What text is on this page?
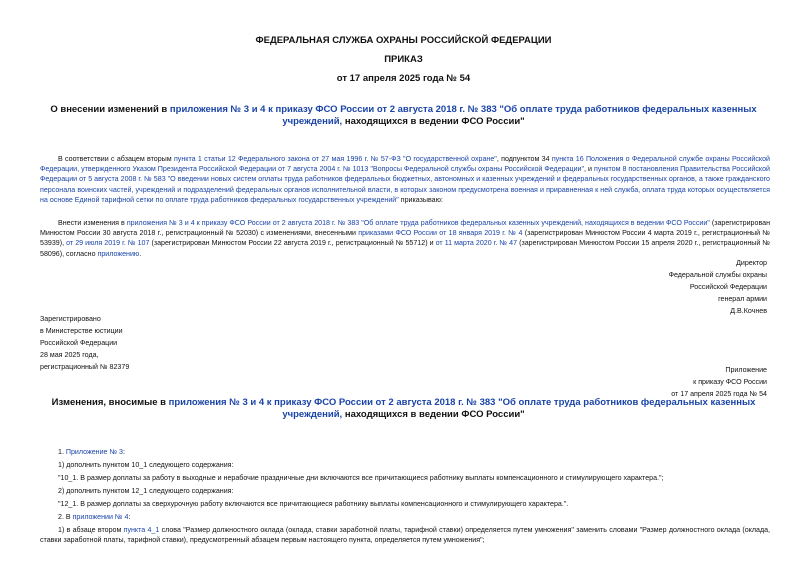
ФЕДЕРАЛЬНАЯ СЛУЖБА ОХРАНЫ РОССИЙСКОЙ ФЕДЕРАЦИИ
ПРИКАЗ
от 17 апреля 2025 года № 54
О внесении изменений в приложения № 3 и 4 к приказу ФСО России от 2 августа 2018 г. № 383 "Об оплате труда работников федеральных казенных учреждений, находящихся в ведении ФСО России"
В соответствии с абзацем вторым пункта 1 статьи 12 Федерального закона от 27 мая 1996 г. № 57-ФЗ "О государственной охране", подпунктом 34 пункта 16 Положения о Федеральной службе охраны Российской Федерации, утвержденного Указом Президента Российской Федерации от 7 августа 2004 г. № 1013 "Вопросы Федеральной службы охраны Российской Федерации", и пунктом 8 постановления Правительства Российской Федерации от 5 августа 2008 г. № 583 "О введении новых систем оплаты труда работников федеральных бюджетных, автономных и казенных учреждений и федеральных государственных органов, а также гражданского персонала воинских частей, учреждений и подразделений федеральных органов исполнительной власти, в которых законом предусмотрена военная и приравненная к ней служба, оплата труда которых осуществляется на основе Единой тарифной сетки по оплате труда работников федеральных государственных учреждений" приказываю:
Внести изменения в приложения № 3 и 4 к приказу ФСО России от 2 августа 2018 г. № 383 "Об оплате труда работников федеральных казенных учреждений, находящихся в ведении ФСО России" (зарегистрирован Минюстом России 30 августа 2018 г., регистрационный № 52030) с изменениями, внесенными приказами ФСО России от 18 января 2019 г. № 4 (зарегистрирован Минюстом России 4 марта 2019 г., регистрационный № 53939), от 29 июля 2019 г. № 107 (зарегистрирован Минюстом России 22 августа 2019 г., регистрационный № 55712) и от 11 марта 2020 г. № 47 (зарегистрирован Минюстом России 15 апреля 2020 г., регистрационный № 58096), согласно приложению.
Директор
Федеральной службы охраны
Российской Федерации
генерал армии
Д.В.Кочнев
Зарегистрировано
в Министерстве юстиции
Российской Федерации
28 мая 2025 года,
регистрационный № 82379	Приложение
к приказу ФСО России
от 17 апреля 2025 года № 54
Изменения, вносимые в приложения № 3 и 4 к приказу ФСО России от 2 августа 2018 г. № 383 "Об оплате труда работников федеральных казенных учреждений, находящихся в ведении ФСО России"
1. Приложение № 3:
1) дополнить пунктом 10_1 следующего содержания:
"10_1. В размер доплаты за работу в выходные и нерабочие праздничные дни включаются все причитающиеся работнику выплаты компенсационного и стимулирующего характера.";
2) дополнить пунктом 12_1 следующего содержания:
"12_1. В размер доплаты за сверхурочную работу включаются все причитающиеся работнику выплаты компенсационного и стимулирующего характера.".
2. В приложении № 4:
1) в абзаце втором пункта 4_1 слова "Размер должностного оклада (оклада, ставки заработной платы, тарифной ставки) определяется путем умножения" заменить словами "Размер должностного оклада (оклада, ставки заработной платы, тарифной ставки), предусмотренный абзацем первым настоящего пункта, определяется путем умножения";
